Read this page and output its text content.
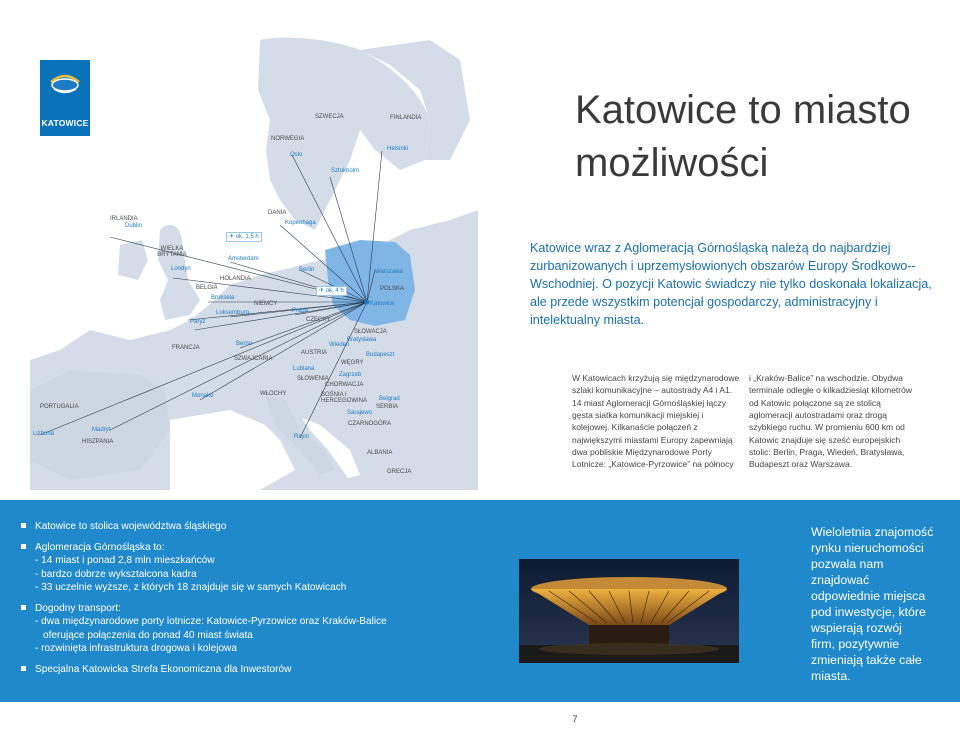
IRLANDIA
WIELKA BRYTANIA
HOLANDIA
BELGIA
NIEMCY
FRANCJA
SZWAJCARIA
WŁOCHY
AUSTRIA
CZECHY
SŁOWACJA
WĘGRY
SŁOWENIA
CHORWACJA
BOŚNIA I HERCEGOWINA
SERBIA
CZARNOGÓRA
ALBANIA
GRECJA
PORTUGALIA
HISZPANIA
DANIA
NORWEGIA
SZWECJA	FINLANDIA
POLSKA
Dublin
Londyn
Amsterdam
Bruksela
Luksemburg
Paryż
Berno
Monako
Lizbona
Madryt
Kopenhaga
Oslo
Sztokholm
Helsinki
Berlin
Praga
Wiedeń
Bratysława
Budapeszt
Lublana
Zagrzeb
Sarajewo
Belgrad
Rzym
Warszawa
Katowice
✈ ok. 1,5 h
✈ ok. 4 h
KATOWICE	Katowice to miasto
możliwości
Katowice wraz z Aglomeracją Górnośląską należą do najbardziej zurbanizowanych i uprzemysłowionych obszarów Europy Środkowo--Wschodniej. O pozycji Katowic świadczy nie tylko doskonała lokalizacja, ale przede wszystkim potencjał gospodarczy, administracyjny i intelektualny miasta.
W Katowicach krzyżują się międzynarodowe szlaki komunikacyjne – autostrady A4 i A1. 14 miast Aglomeracji Górnośląskiej łączy gęsta siatka komunikacji miejskiej i kolejowej. Kilkanaście połączeń z największymi miastami Europy zapewniają dwa pobliskie Międzynarodowe Porty Lotnicze: „Katowice-Pyrzowice” na północy
i „Kraków-Balice” na wschodzie. Obydwa terminale odległe o kilkadziesiąt kilometrów od Katowic połączone są ze stolicą aglomeracji autostradami oraz drogą szybkiego ruchu. W promieniu 600 km od Katowic znajduje się sześć europejskich stolic: Berlin, Praga, Wiedeń, Bratysława, Budapeszt oraz Warszawa.
Katowice to stolica województwa śląskiego
Aglomeracja Górnośląska to:
- 14 miast i ponad 2,8 mln mieszkańców
- bardzo dobrze wykształcona kadra
- 33 uczelnie wyższe, z których 18 znajduje się w samych Katowicach
Dogodny transport:
- dwa międzynarodowe porty lotnicze: Katowice-Pyrzowice oraz Kraków-Balice
oferujące połączenia do ponad 40 miast świata
- rozwinięta infrastruktura drogowa i kolejowa
Specjalna Katowicka Strefa Ekonomiczna dla Inwestorów
Wieloletnia znajomość
rynku nieruchomości
pozwala nam
znajdować
odpowiednie miejsca
pod inwestycje, które
wspierają rozwój
firm, pozytywnie
zmieniają także całe
miasta.
7
